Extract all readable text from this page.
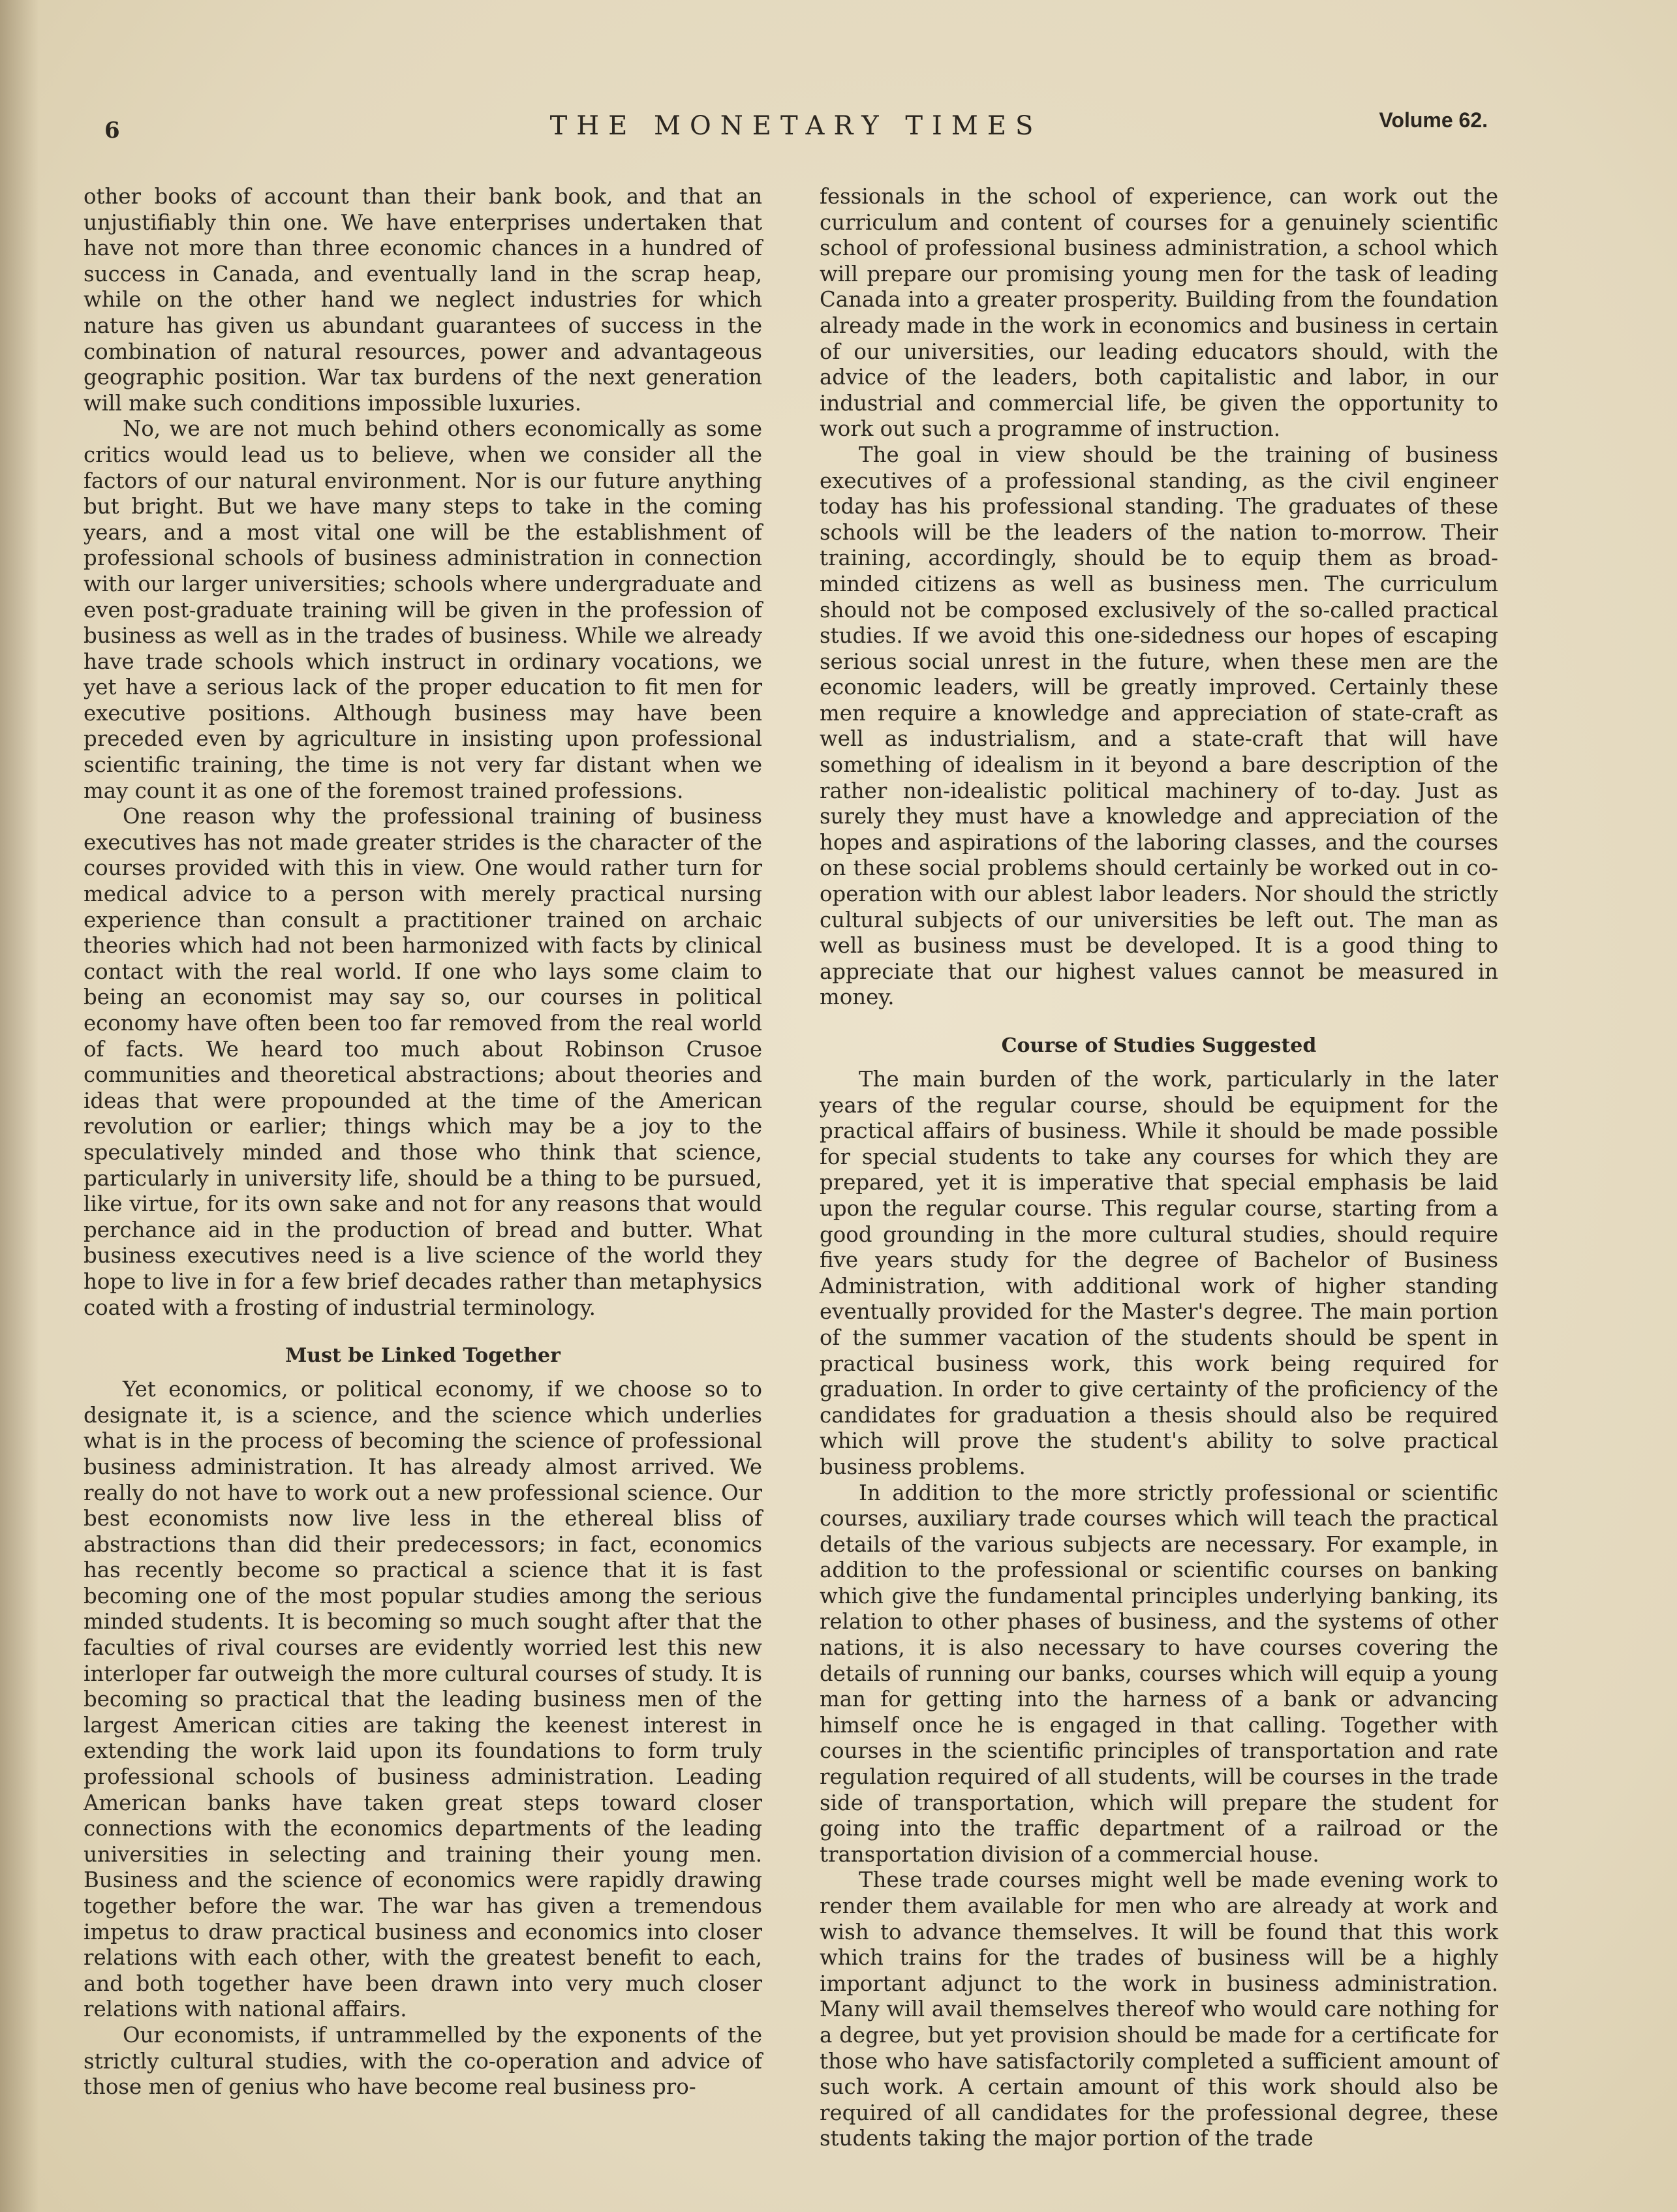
6	THE MONETARY TIMES	Volume 62.

other books of account than their bank book, and that an unjustifiably thin one. We have enterprises undertaken that have not more than three economic chances in a hundred of success in Canada, and eventually land in the scrap heap, while on the other hand we neglect industries for which nature has given us abundant guarantees of success in the combination of natural resources, power and advantageous geographic position. War tax burdens of the next generation will make such conditions impossible luxuries.

No, we are not much behind others economically as some critics would lead us to believe, when we consider all the factors of our natural environment. Nor is our future anything but bright. But we have many steps to take in the coming years, and a most vital one will be the establishment of professional schools of business administration in connection with our larger universities; schools where undergraduate and even post-graduate training will be given in the profession of business as well as in the trades of business. While we already have trade schools which instruct in ordinary vocations, we yet have a serious lack of the proper education to fit men for executive positions. Although business may have been preceded even by agriculture in insisting upon professional scientific training, the time is not very far distant when we may count it as one of the foremost trained professions.

One reason why the professional training of business executives has not made greater strides is the character of the courses provided with this in view. One would rather turn for medical advice to a person with merely practical nursing experience than consult a practitioner trained on archaic theories which had not been harmonized with facts by clinical contact with the real world. If one who lays some claim to being an economist may say so, our courses in political economy have often been too far removed from the real world of facts. We heard too much about Robinson Crusoe communities and theoretical abstractions; about theories and ideas that were propounded at the time of the American revolution or earlier; things which may be a joy to the speculatively minded and those who think that science, particularly in university life, should be a thing to be pursued, like virtue, for its own sake and not for any reasons that would perchance aid in the production of bread and butter. What business executives need is a live science of the world they hope to live in for a few brief decades rather than metaphysics coated with a frosting of industrial terminology.

Must be Linked Together

Yet economics, or political economy, if we choose so to designate it, is a science, and the science which underlies what is in the process of becoming the science of professional business administration. It has already almost arrived. We really do not have to work out a new professional science. Our best economists now live less in the ethereal bliss of abstractions than did their predecessors; in fact, economics has recently become so practical a science that it is fast becoming one of the most popular studies among the serious minded students. It is becoming so much sought after that the faculties of rival courses are evidently worried lest this new interloper far outweigh the more cultural courses of study. It is becoming so practical that the leading business men of the largest American cities are taking the keenest interest in extending the work laid upon its foundations to form truly professional schools of business administration. Leading American banks have taken great steps toward closer connections with the economics departments of the leading universities in selecting and training their young men. Business and the science of economics were rapidly drawing together before the war. The war has given a tremendous impetus to draw practical business and economics into closer relations with each other, with the greatest benefit to each, and both together have been drawn into very much closer relations with national affairs.

Our economists, if untrammelled by the exponents of the strictly cultural studies, with the co-operation and advice of those men of genius who have become real business pro-

fessionals in the school of experience, can work out the curriculum and content of courses for a genuinely scientific school of professional business administration, a school which will prepare our promising young men for the task of leading Canada into a greater prosperity. Building from the foundation already made in the work in economics and business in certain of our universities, our leading educators should, with the advice of the leaders, both capitalistic and labor, in our industrial and commercial life, be given the opportunity to work out such a programme of instruction.

The goal in view should be the training of business executives of a professional standing, as the civil engineer today has his professional standing. The graduates of these schools will be the leaders of the nation to-morrow. Their training, accordingly, should be to equip them as broad-minded citizens as well as business men. The curriculum should not be composed exclusively of the so-called practical studies. If we avoid this one-sidedness our hopes of escaping serious social unrest in the future, when these men are the economic leaders, will be greatly improved. Certainly these men require a knowledge and appreciation of state-craft as well as industrialism, and a state-craft that will have something of idealism in it beyond a bare description of the rather non-idealistic political machinery of to-day. Just as surely they must have a knowledge and appreciation of the hopes and aspirations of the laboring classes, and the courses on these social problems should certainly be worked out in co-operation with our ablest labor leaders. Nor should the strictly cultural subjects of our universities be left out. The man as well as business must be developed. It is a good thing to appreciate that our highest values cannot be measured in money.

Course of Studies Suggested

The main burden of the work, particularly in the later years of the regular course, should be equipment for the practical affairs of business. While it should be made possible for special students to take any courses for which they are prepared, yet it is imperative that special emphasis be laid upon the regular course. This regular course, starting from a good grounding in the more cultural studies, should require five years study for the degree of Bachelor of Business Administration, with additional work of higher standing eventually provided for the Master's degree. The main portion of the summer vacation of the students should be spent in practical business work, this work being required for graduation. In order to give certainty of the proficiency of the candidates for graduation a thesis should also be required which will prove the student's ability to solve practical business problems.

In addition to the more strictly professional or scientific courses, auxiliary trade courses which will teach the practical details of the various subjects are necessary. For example, in addition to the professional or scientific courses on banking which give the fundamental principles underlying banking, its relation to other phases of business, and the systems of other nations, it is also necessary to have courses covering the details of running our banks, courses which will equip a young man for getting into the harness of a bank or advancing himself once he is engaged in that calling. Together with courses in the scientific principles of transportation and rate regulation required of all students, will be courses in the trade side of transportation, which will prepare the student for going into the traffic department of a railroad or the transportation division of a commercial house.

These trade courses might well be made evening work to render them available for men who are already at work and wish to advance themselves. It will be found that this work which trains for the trades of business will be a highly important adjunct to the work in business administration. Many will avail themselves thereof who would care nothing for a degree, but yet provision should be made for a certificate for those who have satisfactorily completed a sufficient amount of such work. A certain amount of this work should also be required of all candidates for the professional degree, these students taking the major portion of the trade
